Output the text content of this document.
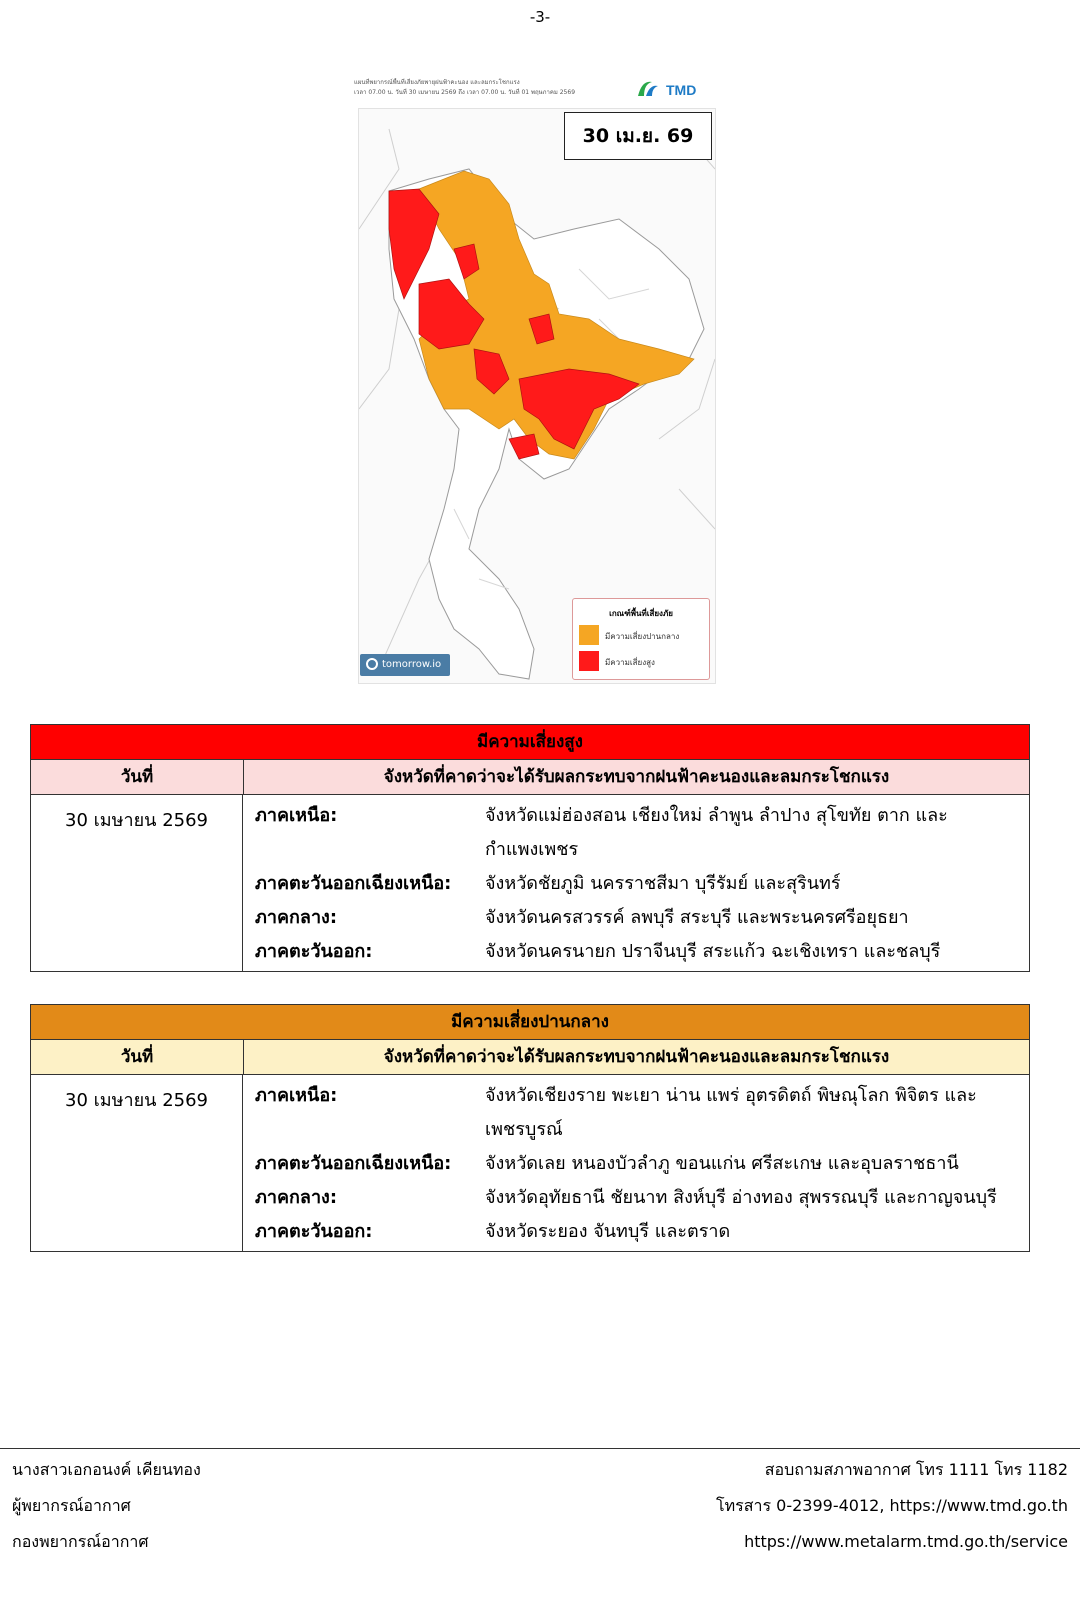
-3-
แผนที่พยากรณ์พื้นที่เสี่ยงภัยพายุฝนฟ้าคะนอง และลมกระโชกแรง
เวลา 07.00 น. วันที่ 30 เมษายน 2569 ถึง เวลา 07.00 น. วันที่ 01 พฤษภาคม 2569	TMD
30 เม.ย. 69
เกณฑ์พื้นที่เสี่ยงภัย
มีความเสี่ยงปานกลาง
มีความเสี่ยงสูง
tomorrow.io
มีความเสี่ยงสูง
วันที่	จังหวัดที่คาดว่าจะได้รับผลกระทบจากฝนฟ้าคะนองและลมกระโชกแรง
30 เมษายน 2569	ภาคเหนือ:	จังหวัดแม่ฮ่องสอน เชียงใหม่ ลำพูน ลำปาง สุโขทัย ตาก และกำแพงเพชร
ภาคตะวันออกเฉียงเหนือ:	จังหวัดชัยภูมิ นครราชสีมา บุรีรัมย์ และสุรินทร์
ภาคกลาง:	จังหวัดนครสวรรค์ ลพบุรี สระบุรี และพระนครศรีอยุธยา
ภาคตะวันออก:	จังหวัดนครนายก ปราจีนบุรี สระแก้ว ฉะเชิงเทรา และชลบุรี
มีความเสี่ยงปานกลาง
วันที่	จังหวัดที่คาดว่าจะได้รับผลกระทบจากฝนฟ้าคะนองและลมกระโชกแรง
30 เมษายน 2569	ภาคเหนือ:	จังหวัดเชียงราย พะเยา น่าน แพร่ อุตรดิตถ์ พิษณุโลก พิจิตร และเพชรบูรณ์
ภาคตะวันออกเฉียงเหนือ:	จังหวัดเลย หนองบัวลำภู ขอนแก่น ศรีสะเกษ และอุบลราชธานี
ภาคกลาง:	จังหวัดอุทัยธานี ชัยนาท สิงห์บุรี อ่างทอง สุพรรณบุรี และกาญจนบุรี
ภาคตะวันออก:	จังหวัดระยอง จันทบุรี และตราด
นางสาวเอกอนงค์ เคียนทอง
ผู้พยากรณ์อากาศ
กองพยากรณ์อากาศ
สอบถามสภาพอากาศ โทร 1111 โทร 1182
โทรสาร 0-2399-4012, https://www.tmd.go.th
https://www.metalarm.tmd.go.th/service
